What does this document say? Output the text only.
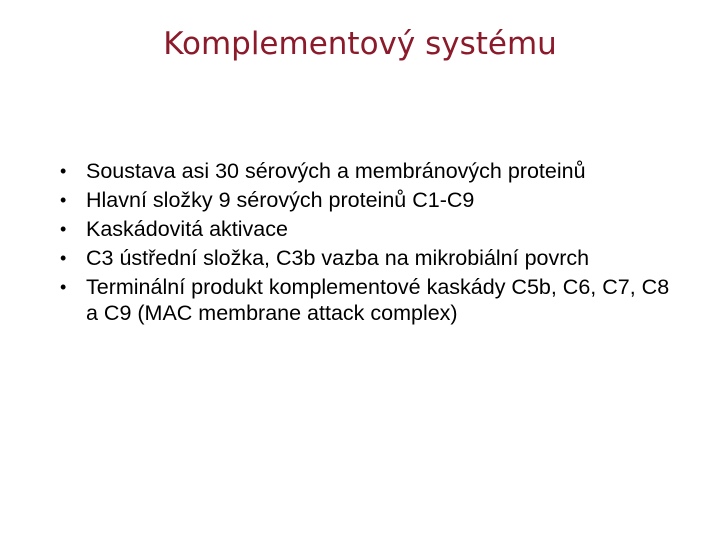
Komplementový systému
• Soustava asi 30 sérových a membránových proteinů
• Hlavní složky 9 sérových proteinů C1-C9
• Kaskádovitá aktivace
• C3 ústřední složka, C3b vazba na mikrobiální povrch
• Terminální produkt komplementové kaskády C5b, C6, C7, C8 a C9 (MAC membrane attack complex)
